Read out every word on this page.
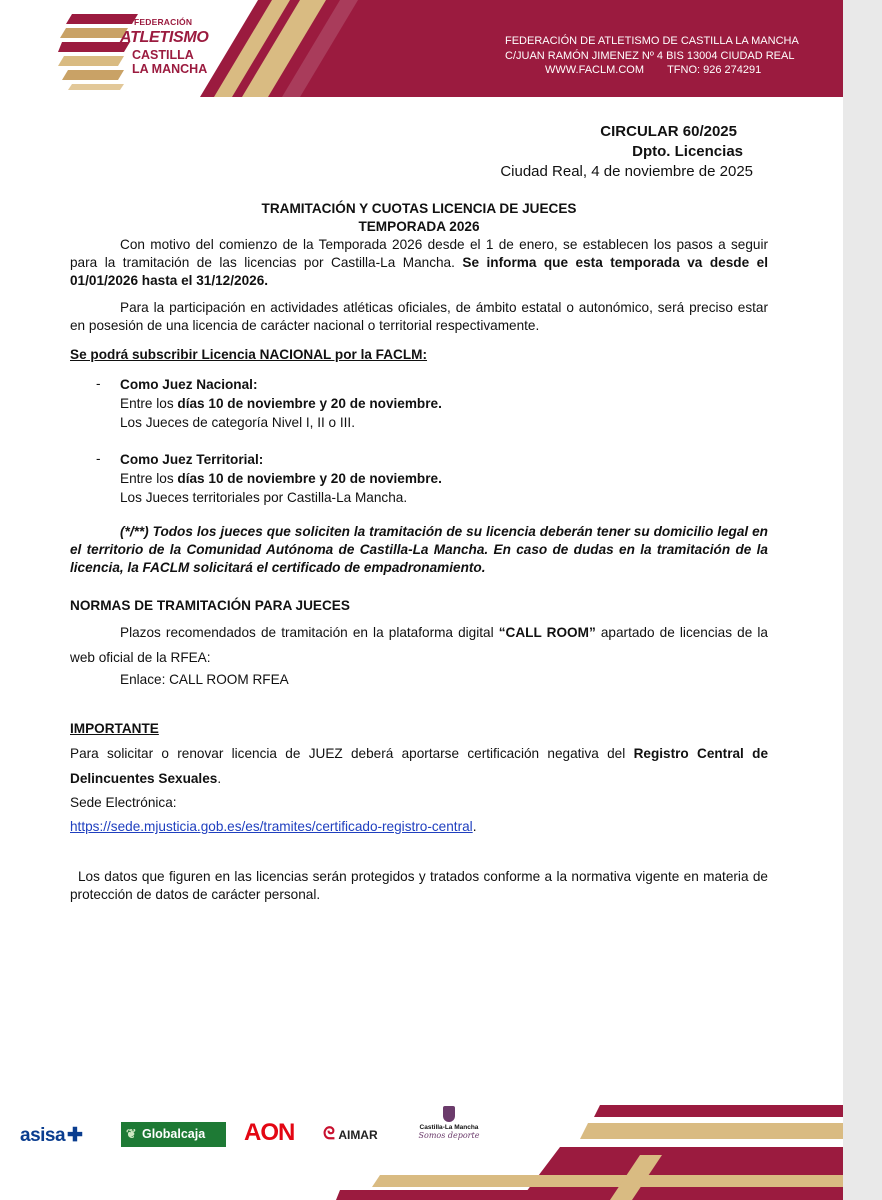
FEDERACIÓN
ATLETISMO
CASTILLA
LA MANCHA
FEDERACIÓN DE ATLETISMO DE CASTILLA LA MANCHA
C/JUAN RAMÓN JIMENEZ Nº 4 BIS 13004 CIUDAD REAL
WWW.FACLM.COM TFNO: 926 274291
CIRCULAR 60/2025
Dpto. Licencias
Ciudad Real, 4 de noviembre de 2025
TRAMITACIÓN Y CUOTAS LICENCIA DE JUECES
TEMPORADA 2026
Con motivo del comienzo de la Temporada 2026 desde el 1 de enero, se establecen los pasos a seguir para la tramitación de las licencias por Castilla-La Mancha. Se informa que esta temporada va desde el 01/01/2026 hasta el 31/12/2026.
Para la participación en actividades atléticas oficiales, de ámbito estatal o autonómico, será preciso estar en posesión de una licencia de carácter nacional o territorial respectivamente.
Se podrá subscribir Licencia NACIONAL por la FACLM:
- Como Juez Nacional:
Entre los días 10 de noviembre y 20 de noviembre.
Los Jueces de categoría Nivel I, II o III.
- Como Juez Territorial:
Entre los días 10 de noviembre y 20 de noviembre.
Los Jueces territoriales por Castilla-La Mancha.
(*/**) Todos los jueces que soliciten la tramitación de su licencia deberán tener su domicilio legal en el territorio de la Comunidad Autónoma de Castilla-La Mancha. En caso de dudas en la tramitación de la licencia, la FACLM solicitará el certificado de empadronamiento.
NORMAS DE TRAMITACIÓN PARA JUECES
Plazos recomendados de tramitación en la plataforma digital “CALL ROOM” apartado de licencias de la web oficial de la RFEA:
Enlace: CALL ROOM RFEA
IMPORTANTE
Para solicitar o renovar licencia de JUEZ deberá aportarse certificación negativa del Registro Central de Delincuentes Sexuales.
Sede Electrónica:
https://sede.mjusticia.gob.es/es/tramites/certificado-registro-central.
Los datos que figuren en las licencias serán protegidos y tratados conforme a la normativa vigente en materia de protección de datos de carácter personal.
asisa ✚	❦ Globalcaja	AON ᘓ AIMAR
Castilla-La Mancha
Somos deporte
